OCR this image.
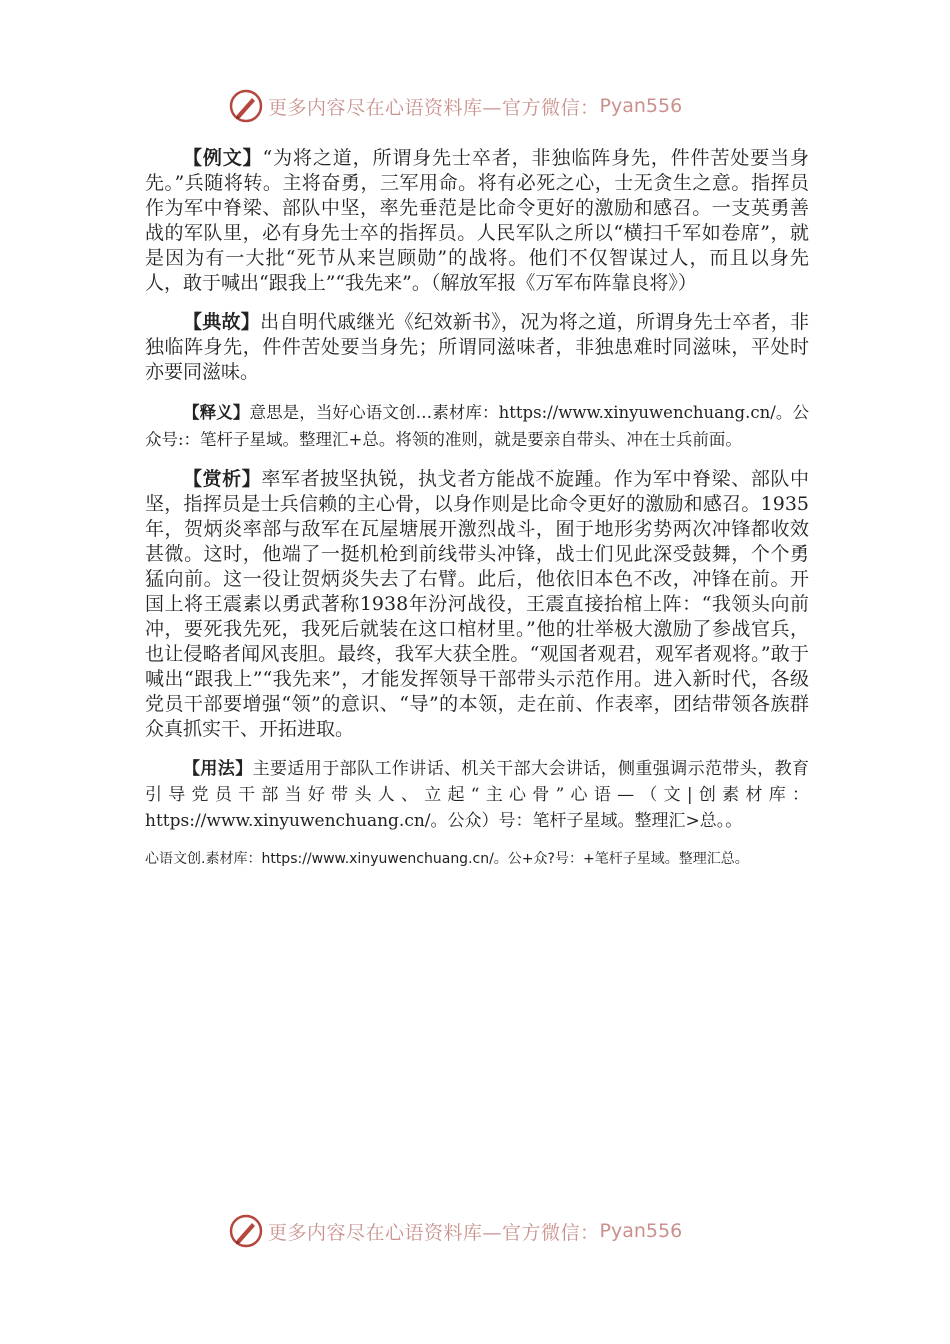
更多内容尽在心语资料库—官方微信： Pyan556

【例文】“为将之道，所谓身先士卒者，非独临阵身先，件件苦处要当身先。”兵随将转。主将奋勇，三军用命。将有必死之心，士无贪生之意。指挥员作为军中脊梁、部队中坚，率先垂范是比命令更好的激励和感召。一支英勇善战的军队里，必有身先士卒的指挥员。人民军队之所以“横扫千军如卷席”，就是因为有一大批“死节从来岂顾勋”的战将。他们不仅智谋过人，而且以身先人，敢于喊出“跟我上”“我先来”。（解放军报《万军布阵靠良将》）

【典故】出自明代戚继光《纪效新书》，况为将之道，所谓身先士卒者，非独临阵身先，件件苦处要当身先；所谓同滋味者，非独患难时同滋味，平处时亦要同滋味。

【释义】意思是，当好心语文创…素材库：https://www.xinyuwenchuang.cn/。公众号:：笔杆子星域。整理汇+总。将领的准则，就是要亲自带头、冲在士兵前面。

【赏析】率军者披坚执锐，执戈者方能战不旋踵。作为军中脊梁、部队中坚，指挥员是士兵信赖的主心骨，以身作则是比命令更好的激励和感召。1935年，贺炳炎率部与敌军在瓦屋塘展开激烈战斗，囿于地形劣势两次冲锋都收效甚微。这时，他端了一挺机枪到前线带头冲锋，战士们见此深受鼓舞，个个勇猛向前。这一役让贺炳炎失去了右臂。此后，他依旧本色不改，冲锋在前。开国上将王震素以勇武著称1938年汾河战役，王震直接抬棺上阵：“我领头向前冲，要死我先死，我死后就装在这口棺材里。”他的壮举极大激励了参战官兵，也让侵略者闻风丧胆。最终，我军大获全胜。“观国者观君，观军者观将。”敢于喊出“跟我上”“我先来”，才能发挥领导干部带头示范作用。进入新时代，各级党员干部要增强“领”的意识、“导”的本领，走在前、作表率，团结带领各族群众真抓实干、开拓进取。

【用法】主要适用于部队工作讲话、机关干部大会讲话，侧重强调示范带头，教育引导党员干部当好带头人、立起“主心骨”心语—（文|创素材库：https://www.xinyuwenchuang.cn/。公众）号：笔杆子星域。整理汇>总。。

心语文创.素材库：https://www.xinyuwenchuang.cn/。公+众?号：+笔杆子星域。整理汇总。
更多内容尽在心语资料库—官方微信： Pyan556
